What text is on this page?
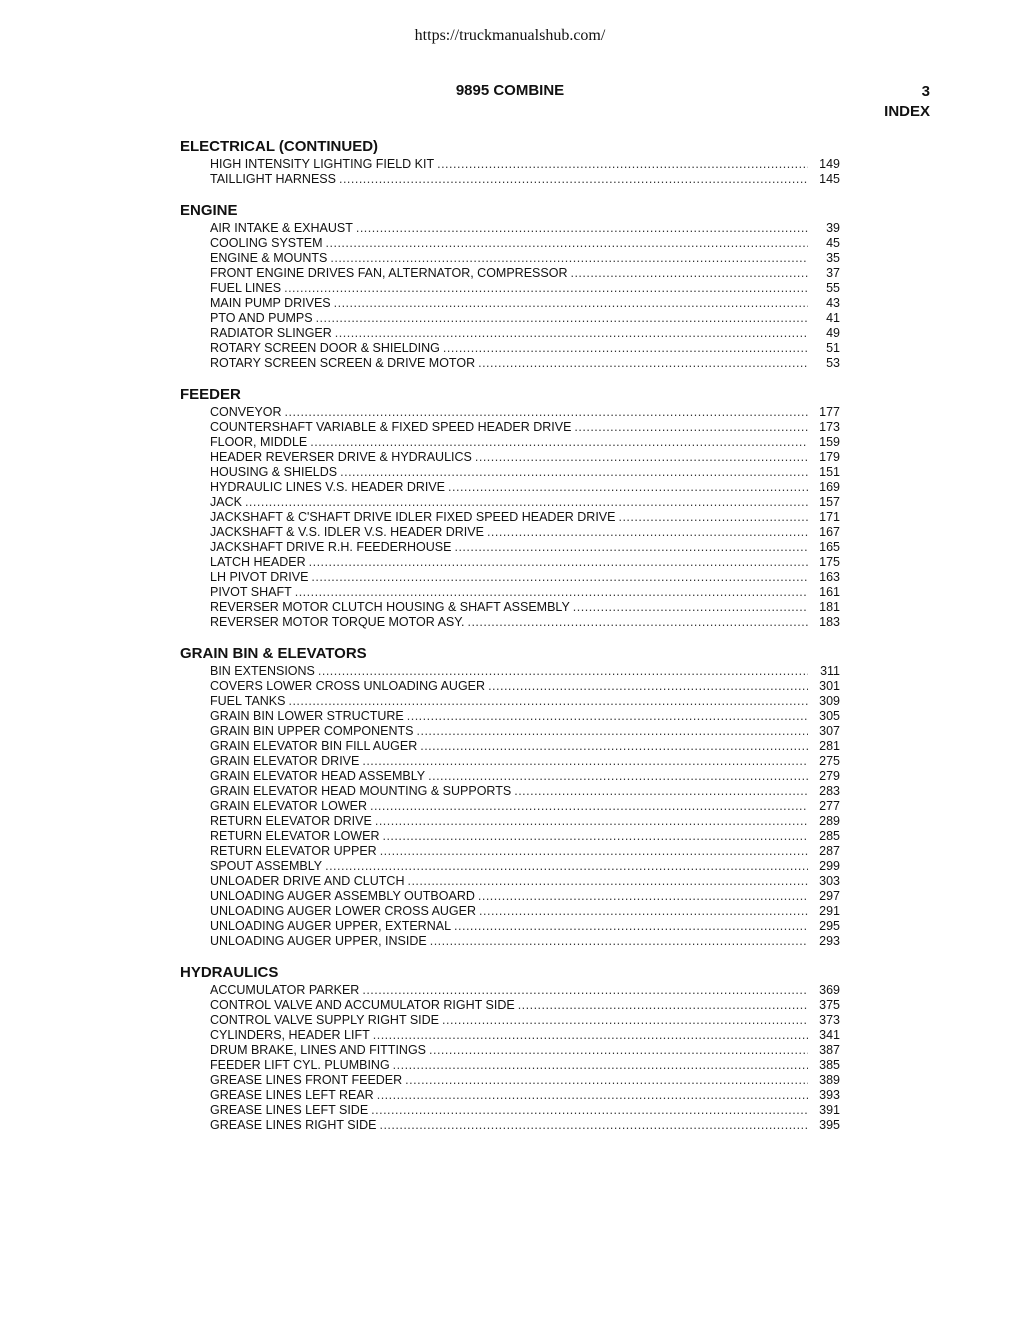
https://truckmanualshub.com/
9895 COMBINE	3
INDEX
ELECTRICAL (CONTINUED)
HIGH INTENSITY LIGHTING FIELD KIT .....	149
TAILLIGHT HARNESS .....	145
ENGINE
AIR INTAKE & EXHAUST .....	39
COOLING SYSTEM .....	45
ENGINE & MOUNTS .....	35
FRONT ENGINE DRIVES FAN, ALTERNATOR, COMPRESSOR .....	37
FUEL LINES .....	55
MAIN PUMP DRIVES .....	43
PTO AND PUMPS .....	41
RADIATOR SLINGER .....	49
ROTARY SCREEN DOOR & SHIELDING .....	51
ROTARY SCREEN SCREEN & DRIVE MOTOR .....	53
FEEDER
CONVEYOR .....	177
COUNTERSHAFT VARIABLE & FIXED SPEED HEADER DRIVE .....	173
FLOOR, MIDDLE .....	159
HEADER REVERSER DRIVE & HYDRAULICS .....	179
HOUSING & SHIELDS .....	151
HYDRAULIC LINES V.S. HEADER DRIVE .....	169
JACK .....	157
JACKSHAFT & C'SHAFT DRIVE IDLER FIXED SPEED HEADER DRIVE .....	171
JACKSHAFT & V.S. IDLER V.S. HEADER DRIVE .....	167
JACKSHAFT DRIVE R.H. FEEDERHOUSE .....	165
LATCH HEADER .....	175
LH PIVOT DRIVE .....	163
PIVOT SHAFT .....	161
REVERSER MOTOR CLUTCH HOUSING & SHAFT ASSEMBLY .....	181
REVERSER MOTOR TORQUE MOTOR ASY. .....	183
GRAIN BIN & ELEVATORS
BIN EXTENSIONS .....	311
COVERS LOWER CROSS UNLOADING AUGER .....	301
FUEL TANKS .....	309
GRAIN BIN LOWER STRUCTURE .....	305
GRAIN BIN UPPER COMPONENTS .....	307
GRAIN ELEVATOR BIN FILL AUGER .....	281
GRAIN ELEVATOR DRIVE .....	275
GRAIN ELEVATOR HEAD ASSEMBLY .....	279
GRAIN ELEVATOR HEAD MOUNTING & SUPPORTS .....	283
GRAIN ELEVATOR LOWER .....	277
RETURN ELEVATOR DRIVE .....	289
RETURN ELEVATOR LOWER .....	285
RETURN ELEVATOR UPPER .....	287
SPOUT ASSEMBLY .....	299
UNLOADER DRIVE AND CLUTCH .....	303
UNLOADING AUGER ASSEMBLY OUTBOARD .....	297
UNLOADING AUGER LOWER CROSS AUGER .....	291
UNLOADING AUGER UPPER, EXTERNAL .....	295
UNLOADING AUGER UPPER, INSIDE .....	293
HYDRAULICS
ACCUMULATOR PARKER .....	369
CONTROL VALVE AND ACCUMULATOR RIGHT SIDE .....	375
CONTROL VALVE SUPPLY RIGHT SIDE .....	373
CYLINDERS, HEADER LIFT .....	341
DRUM BRAKE, LINES AND FITTINGS .....	387
FEEDER LIFT CYL. PLUMBING .....	385
GREASE LINES FRONT FEEDER .....	389
GREASE LINES LEFT REAR .....	393
GREASE LINES LEFT SIDE .....	391
GREASE LINES RIGHT SIDE .....	395
